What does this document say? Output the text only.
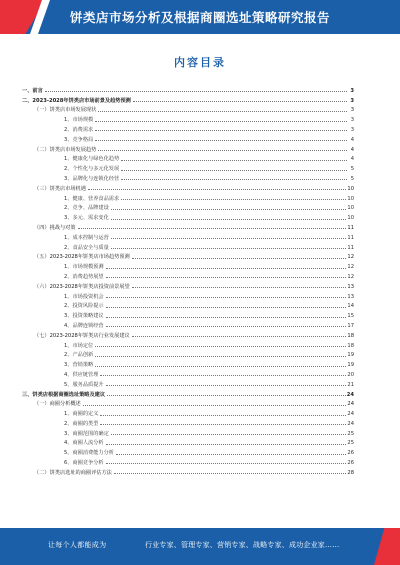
饼类店市场分析及根据商圈选址策略研究报告
内容目录
一、前言	3
二、2023-2028年饼类店市场前景及趋势预测	3
（一）饼类店市场发展现状	3
1、市场规模	3
2、消费需求	3
3、竞争格局	4
（二）饼类店市场发展趋势	4
1、健康化与绿色化趋势	4
2、个性化与多元化发展	5
3、品牌化与连锁化经营	5
（三）饼类店市场机遇	10
1、健康、营养食品需求	10
2、竞争、品牌建设	10
3、多元、需求变化	10
（四）挑战与对策	11
1、成本控制与运营	11
2、食品安全与质量	11
（五）2023-2028年饼类店市场趋势预测	12
1、市场规模预测	12
2、消费趋势展望	12
（六）2023-2028年饼类店投资前景展望	13
1、市场投资机会	13
2、投资风险提示	14
3、投资策略建议	15
4、品牌连锁经营	17
（七）2023-2028年饼类店行业发展建议	18
1、市场定位	18
2、产品创新	19
3、营销策略	19
4、供应链管理	20
5、服务品质提升	21
三、饼类店根据商圈选址策略及建议	24
（一）商圈分析概述	24
1、商圈的定义	24
2、商圈的类型	24
3、商圈范围的确定	25
4、商圈人流分析	25
5、商圈消费能力分析	26
6、商圈竞争分析	26
（二）饼类店选址的商圈评估方法	28
让每个人都能成为	行业专家、管理专家、营销专家、战略专家、成功企业家……
